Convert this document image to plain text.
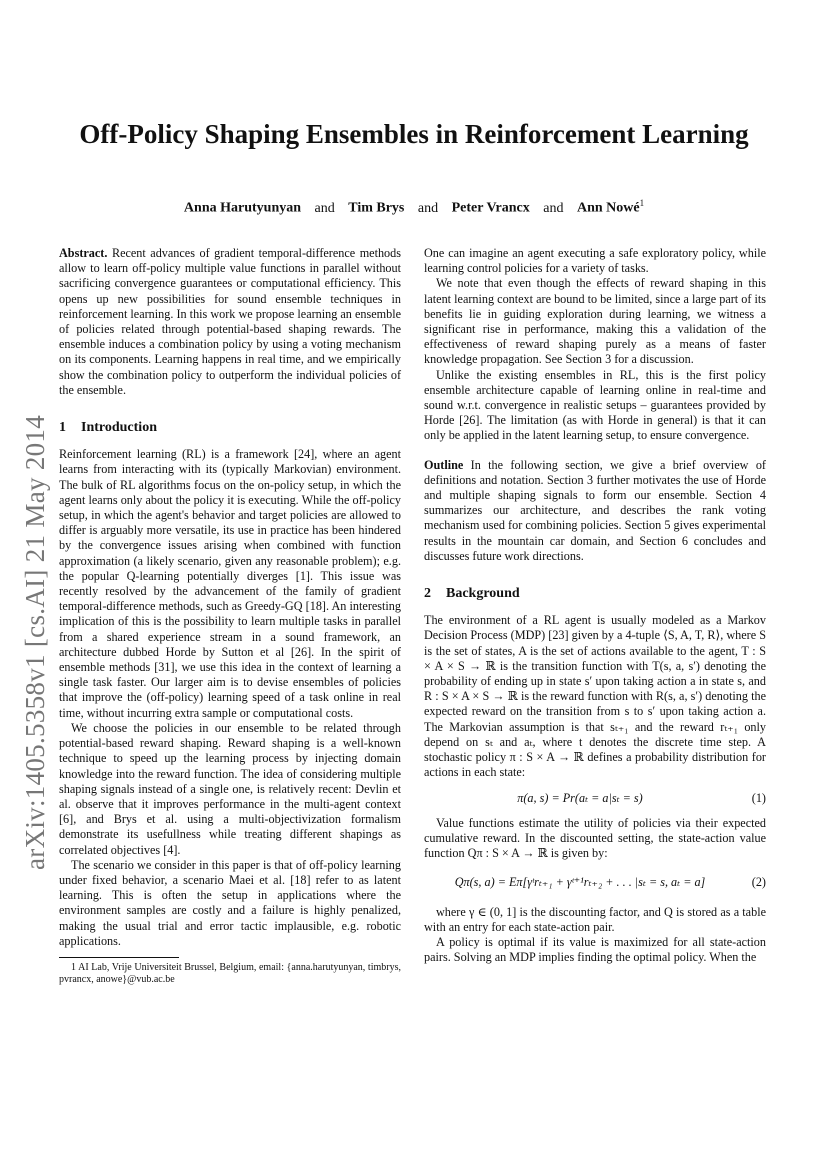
arXiv:1405.5358v1 [cs.AI] 21 May 2014
Off-Policy Shaping Ensembles in Reinforcement Learning
Anna Harutyunyan and Tim Brys and Peter Vrancx and Ann Nowé$^1$

Abstract. Recent advances of gradient temporal-difference methods allow to learn off-policy multiple value functions in parallel without sacrificing convergence guarantees or computational efficiency. This opens up new possibilities for sound ensemble techniques in reinforcement learning. In this work we propose learning an ensemble of policies related through potential-based shaping rewards. The ensemble induces a combination policy by using a voting mechanism on its components. Learning happens in real time, and we empirically show the combination policy to outperform the individual policies of the ensemble.

1 Introduction

Reinforcement learning (RL) is a framework [24], where an agent learns from interacting with its (typically Markovian) environment. The bulk of RL algorithms focus on the on-policy setup, in which the agent learns only about the policy it is executing. While the off-policy setup, in which the agent's behavior and target policies are allowed to differ is arguably more versatile, its use in practice has been hindered by the convergence issues arising when combined with function approximation (a likely scenario, given any reasonable problem); e.g. the popular Q-learning potentially diverges [1]. This issue was recently resolved by the advancement of the family of gradient temporal-difference methods, such as Greedy-GQ [18]. An interesting implication of this is the possibility to learn multiple tasks in parallel from a shared experience stream in a sound framework, an architecture dubbed Horde by Sutton et al [26]. In the spirit of ensemble methods [31], we use this idea in the context of learning a single task faster. Our larger aim is to devise ensembles of policies that improve the (off-policy) learning speed of a task online in real time, without incurring extra sample or computational costs.

We choose the policies in our ensemble to be related through potential-based reward shaping. Reward shaping is a well-known technique to speed up the learning process by injecting domain knowledge into the reward function. The idea of considering multiple shaping signals instead of a single one, is relatively recent: Devlin et al. observe that it improves performance in the multi-agent context [6], and Brys et al. using a multi-objectivization formalism demonstrate its usefullness while treating different shapings as correlated objectives [4].

The scenario we consider in this paper is that of off-policy learning under fixed behavior, a scenario Maei et al. [18] refer to as latent learning. This is often the setup in applications where the environment samples are costly and a failure is highly penalized, making the usual trial and error tactic implausible, e.g. robotic applications.

1 AI Lab, Vrije Universiteit Brussel, Belgium, email: {anna.harutyunyan, timbrys, pvrancx, anowe}@vub.ac.be

One can imagine an agent executing a safe exploratory policy, while learning control policies for a variety of tasks.

We note that even though the effects of reward shaping in this latent learning context are bound to be limited, since a large part of its benefits lie in guiding exploration during learning, we witness a significant rise in performance, making this a validation of the effectiveness of reward shaping purely as a means of faster knowledge propagation. See Section 3 for a discussion.

Unlike the existing ensembles in RL, this is the first policy ensemble architecture capable of learning online in real-time and sound w.r.t. convergence in realistic setups – guarantees provided by Horde [26]. The limitation (as with Horde in general) is that it can only be applied in the latent learning setup, to ensure convergence.

Outline In the following section, we give a brief overview of definitions and notation. Section 3 further motivates the use of Horde and multiple shaping signals to form our ensemble. Section 4 summarizes our architecture, and describes the rank voting mechanism used for combining policies. Section 5 gives experimental results in the mountain car domain, and Section 6 concludes and discusses future work directions.

2 Background

The environment of a RL agent is usually modeled as a Markov Decision Process (MDP) [23] given by a 4-tuple ⟨S, A, T, R⟩, where S is the set of states, A is the set of actions available to the agent, T : S × A × S → ℝ is the transition function with T(s, a, s′) denoting the probability of ending up in state s′ upon taking action a in state s, and R : S × A × S → ℝ is the reward function with R(s, a, s′) denoting the expected reward on the transition from s to s′ upon taking action a. The Markovian assumption is that sₜ₊₁ and the reward rₜ₊₁ only depend on sₜ and aₜ, where t denotes the discrete time step. A stochastic policy π : S × A → ℝ defines a probability distribution for actions in each state:

π(a, s) = Pr(aₜ = a|sₜ = s)	(1)

Value functions estimate the utility of policies via their expected cumulative reward. In the discounted setting, the state-action value function Qπ : S × A → ℝ is given by:

Qπ(s, a) = Eπ[γᵗrₜ₊₁ + γᵗ⁺¹rₜ₊₂ + . . . |sₜ = s, aₜ = a]	(2)

where γ ∈ (0, 1] is the discounting factor, and Q is stored as a table with an entry for each state-action pair.

A policy is optimal if its value is maximized for all state-action pairs. Solving an MDP implies finding the optimal policy. When the
